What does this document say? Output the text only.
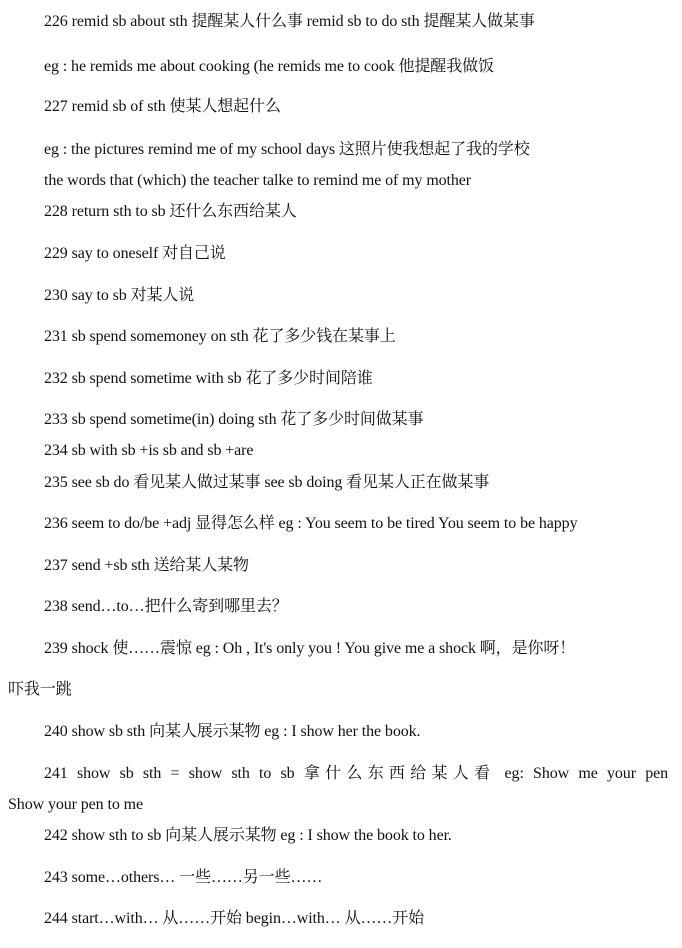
226 remid sb about sth 提醒某人什么事 remid sb to do sth 提醒某人做某事
eg : he remids me about cooking (he remids me to cook 他提醒我做饭
227 remid sb of sth 使某人想起什么
eg : the pictures remind me of my school days 这照片使我想起了我的学校
the words that (which) the teacher talke to remind me of my mother
228 return sth to sb 还什么东西给某人
229 say to oneself 对自己说
230 say to sb 对某人说
231 sb spend somemoney on sth 花了多少钱在某事上
232 sb spend sometime with sb 花了多少时间陪谁
233 sb spend sometime(in) doing sth 花了多少时间做某事
234 sb with sb +is sb and sb +are
235 see sb do 看见某人做过某事 see sb doing 看见某人正在做某事
236 seem to do/be +adj 显得怎么样 eg : You seem to be tired You seem to be happy
237 send +sb sth 送给某人某物
238 send…to…把什么寄到哪里去？
239 shock 使……震惊 eg : Oh , It's only you ! You give me a shock 啊，是你呀！
吓我一跳
240 show sb sth 向某人展示某物 eg : I show her the book.
241 show sb sth = show sth to sb 拿什么东西给某人看 eg: Show me your pen
Show your pen to me
242 show sth to sb 向某人展示某物 eg : I show the book to her.
243 some…others… 一些……另一些……
244 start…with… 从……开始 begin…with… 从……开始
